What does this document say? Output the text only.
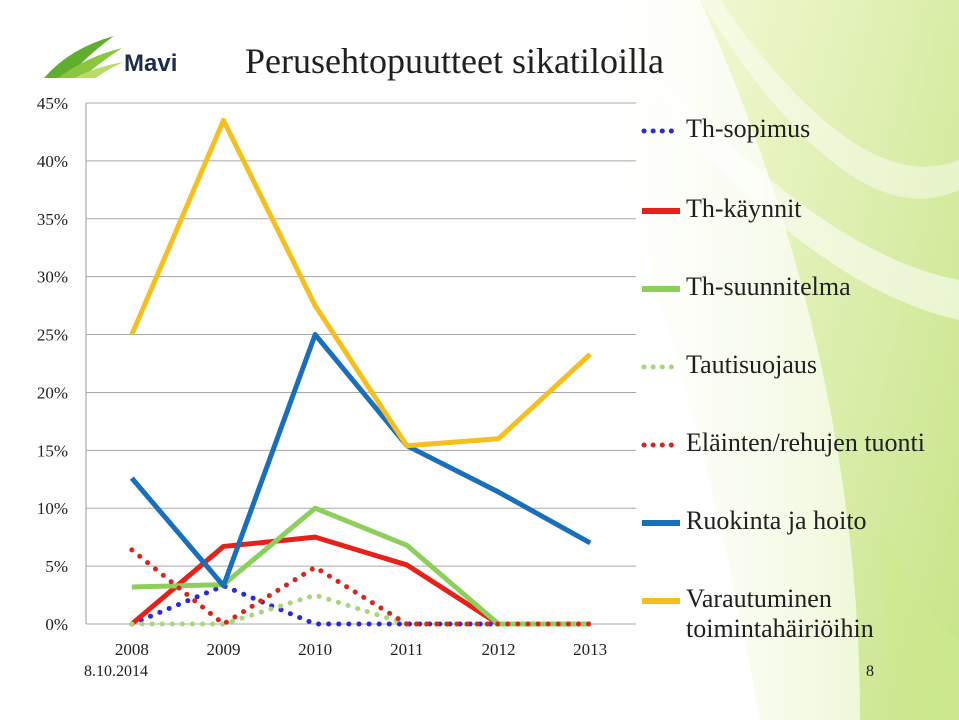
Mavi Perusehtopuutteet sikatiloilla
0%
5%
10%
15%
20%
25%
30%
35%
40%
45%
2008	2009	2010	2011	2012	2013
Th-sopimus
Th-käynnit
Th-suunnitelma
Tautisuojaus
Eläinten/rehujen tuonti
Ruokinta ja hoito
Varautuminen toimintahäiriöihin
8.10.2014	8
